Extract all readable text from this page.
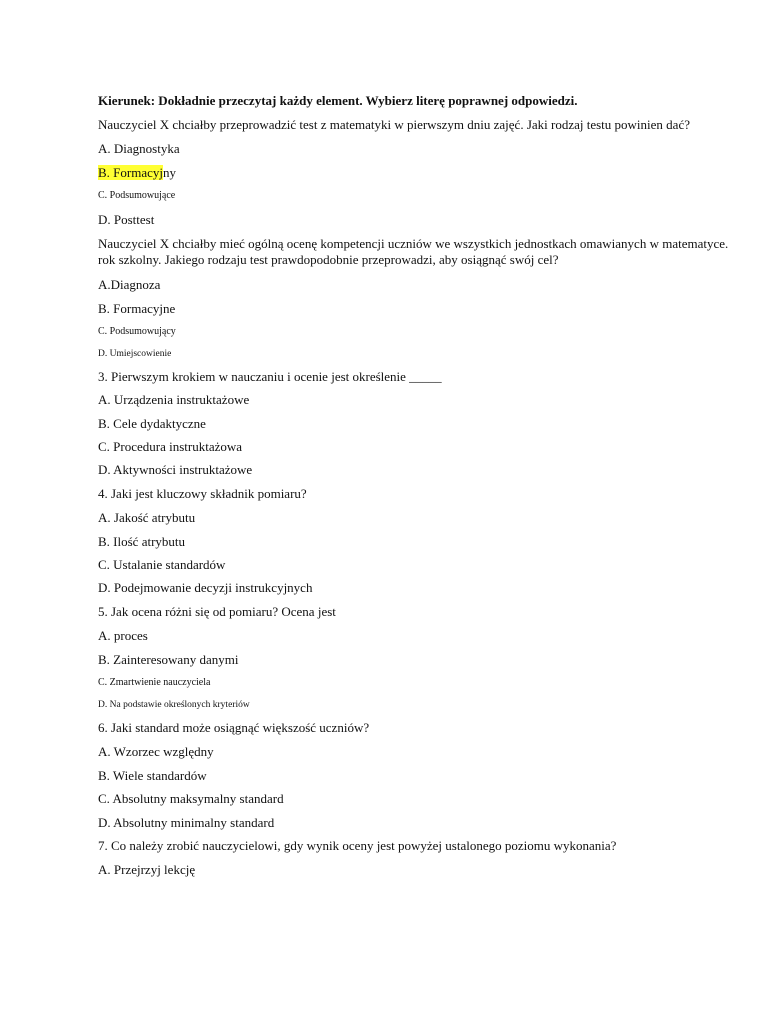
Kierunek: Dokładnie przeczytaj każdy element. Wybierz literę poprawnej odpowiedzi.
Nauczyciel X chciałby przeprowadzić test z matematyki w pierwszym dniu zajęć. Jaki rodzaj testu powinien dać?
A. Diagnostyka
B. Formacyjny
C. Podsumowujące
D. Posttest
Nauczyciel X chciałby mieć ogólną ocenę kompetencji uczniów we wszystkich jednostkach omawianych w matematyce.
rok szkolny. Jakiego rodzaju test prawdopodobnie przeprowadzi, aby osiągnąć swój cel?
A.Diagnoza
B. Formacyjne
C. Podsumowujący
D. Umiejscowienie
3. Pierwszym krokiem w nauczaniu i ocenie jest określenie _____
A. Urządzenia instruktażowe
B. Cele dydaktyczne
C. Procedura instruktażowa
D. Aktywności instruktażowe
4. Jaki jest kluczowy składnik pomiaru?
A. Jakość atrybutu
B. Ilość atrybutu
C. Ustalanie standardów
D. Podejmowanie decyzji instrukcyjnych
5. Jak ocena różni się od pomiaru? Ocena jest
A. proces
B. Zainteresowany danymi
C. Zmartwienie nauczyciela
D. Na podstawie określonych kryteriów
6. Jaki standard może osiągnąć większość uczniów?
A. Wzorzec względny
B. Wiele standardów
C. Absolutny maksymalny standard
D. Absolutny minimalny standard
7. Co należy zrobić nauczycielowi, gdy wynik oceny jest powyżej ustalonego poziomu wykonania?
A. Przejrzyj lekcję
